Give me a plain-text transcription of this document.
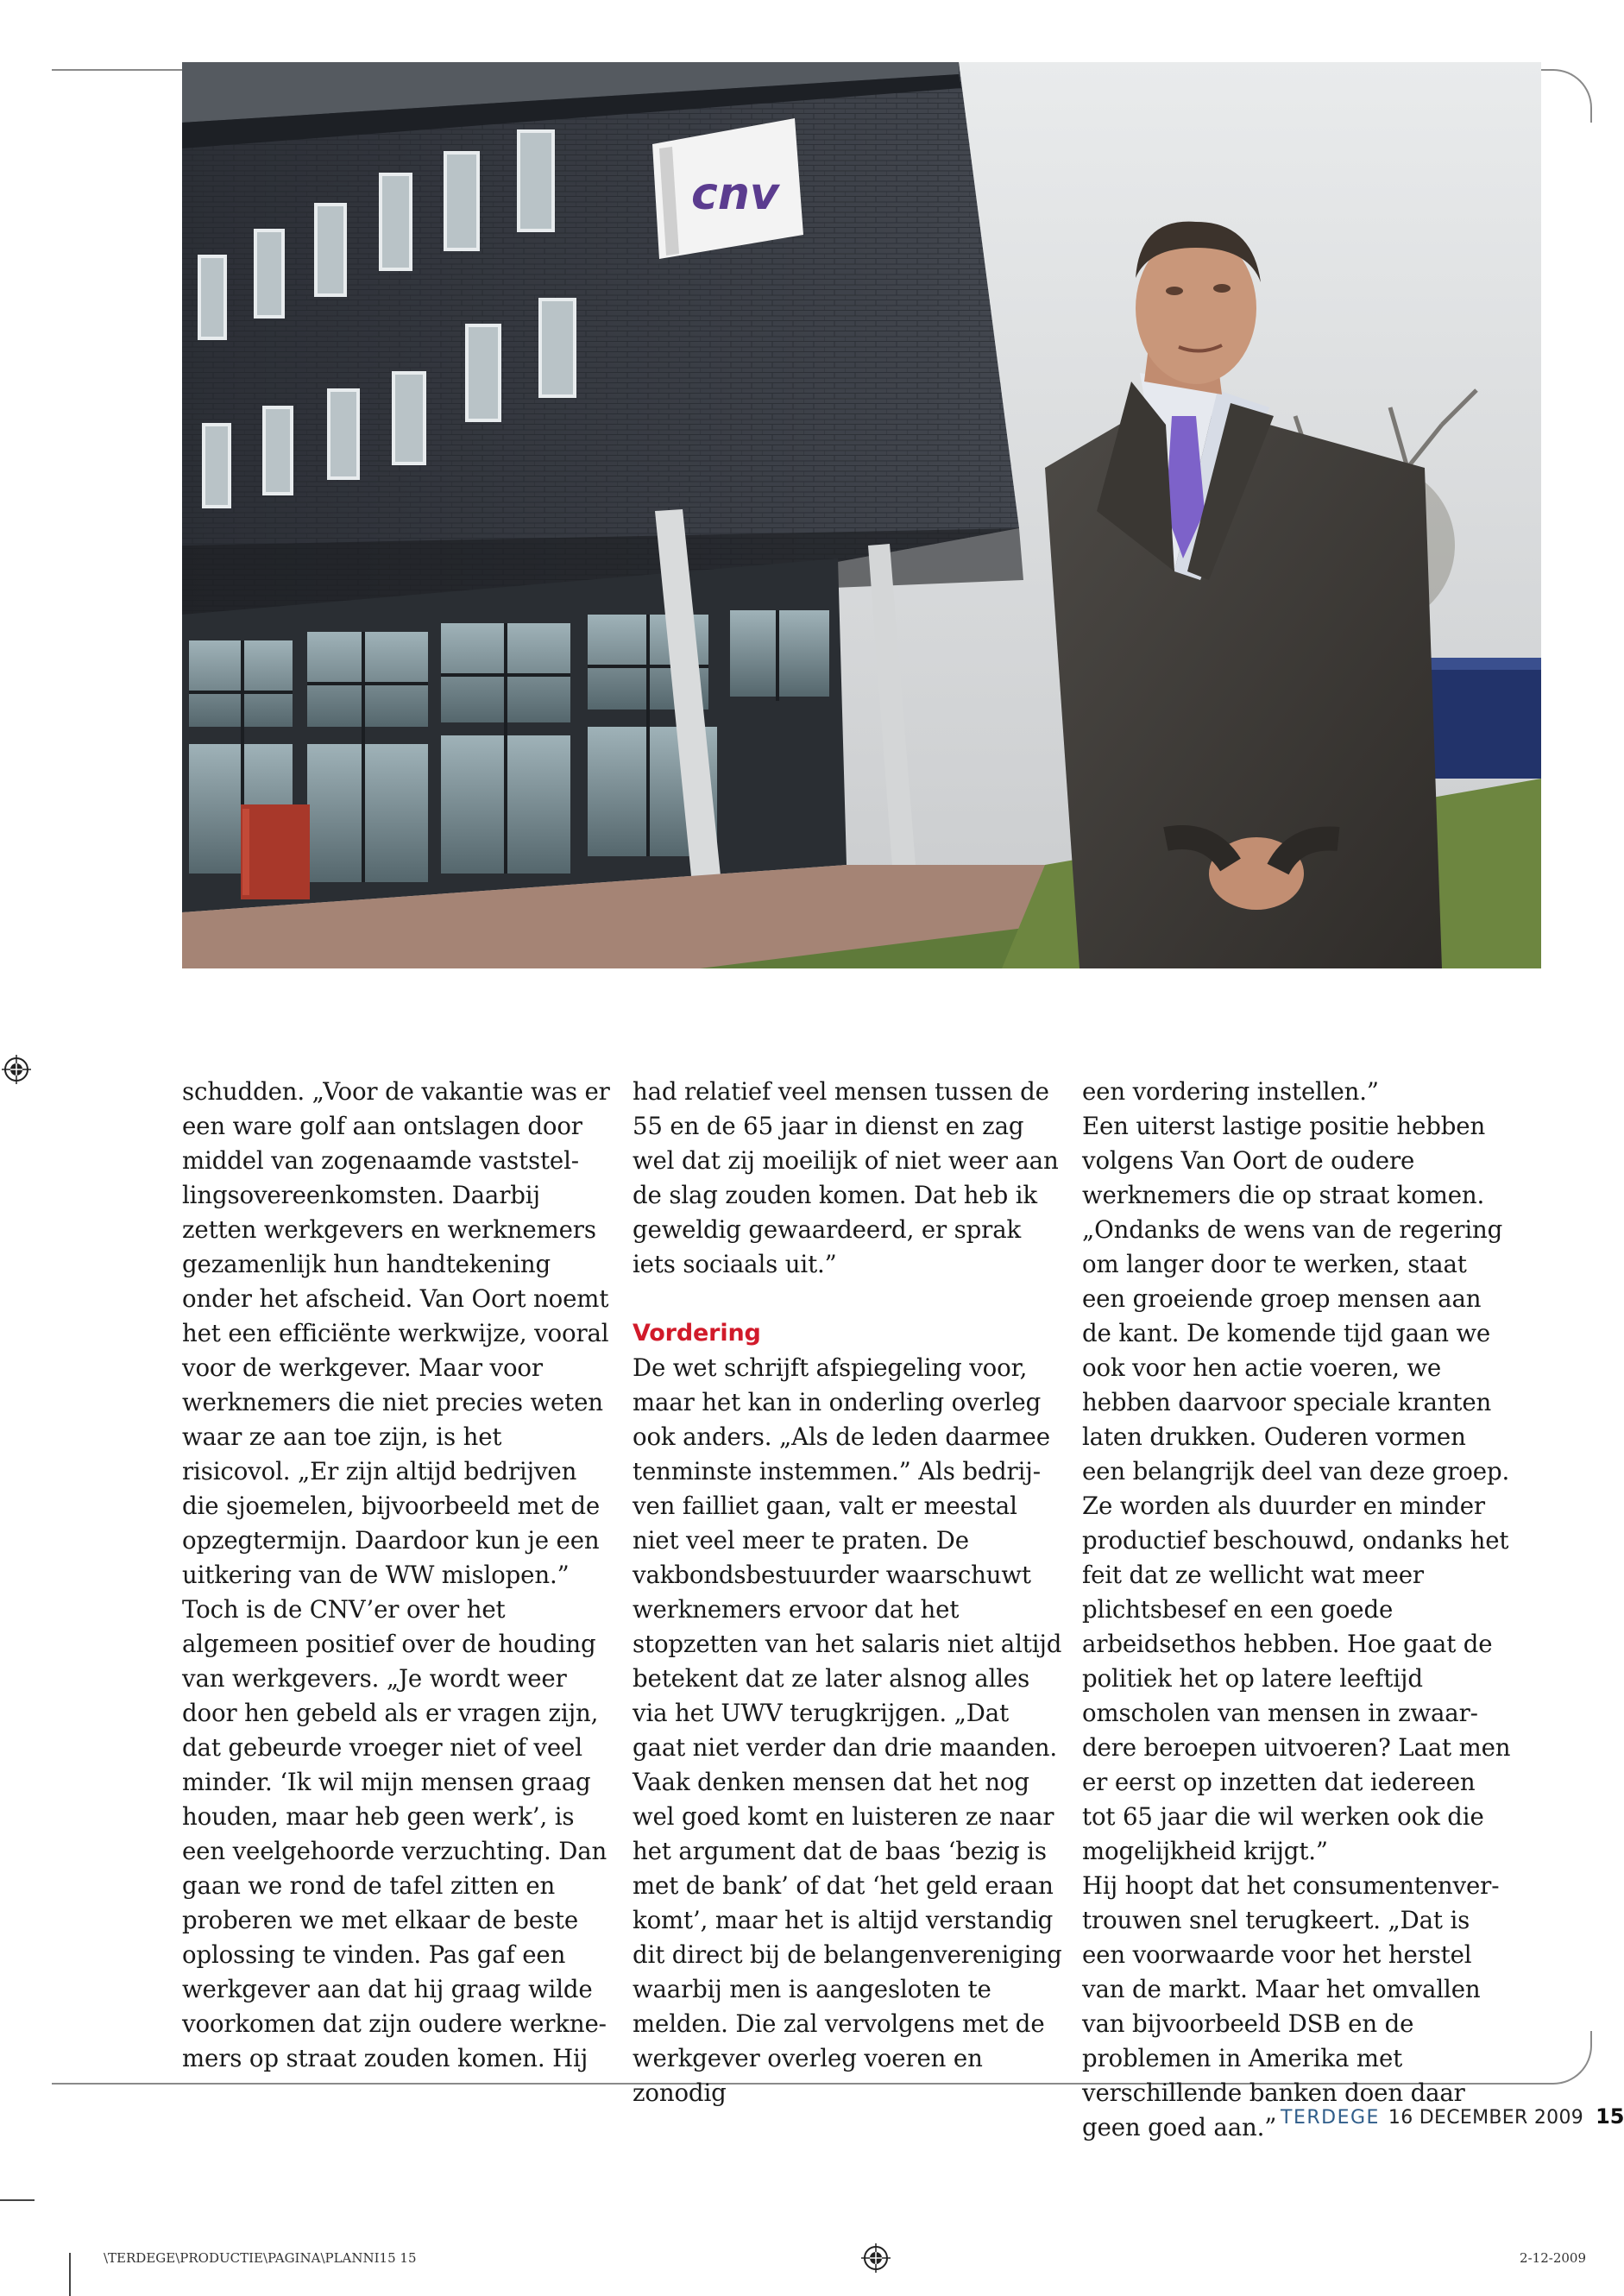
cnv

schudden. „Voor de vakantie was er een ware golf aan ontslagen door middel van zogenaamde vaststellingsovereenkomsten. Daarbij zetten werkgevers en werknemers gezamenlijk hun handtekening onder het afscheid. Van Oort noemt het een efficiënte werkwijze, vooral voor de werkgever. Maar voor werknemers die niet precies weten waar ze aan toe zijn, is het risicovol. „Er zijn altijd bedrijven die sjoemelen, bijvoorbeeld met de opzegtermijn. Daardoor kun je een uitkering van de WW mislopen.”

Toch is de CNV’er over het algemeen positief over de houding van werkgevers. „Je wordt weer door hen gebeld als er vragen zijn, dat gebeurde vroeger niet of veel minder. ‘Ik wil mijn mensen graag houden, maar heb geen werk’, is een veelgehoorde verzuchting. Dan gaan we rond de tafel zitten en proberen we met elkaar de beste oplossing te vinden. Pas gaf een werkgever aan dat hij graag wilde voorkomen dat zijn oudere werknemers op straat zouden komen. Hij

had relatief veel mensen tussen de 55 en de 65 jaar in dienst en zag wel dat zij moeilijk of niet weer aan de slag zouden komen. Dat heb ik geweldig gewaardeerd, er sprak iets sociaals uit.”

Vordering

De wet schrijft afspiegeling voor, maar het kan in onderling overleg ook anders. „Als de leden daarmee tenminste instemmen.” Als bedrijven failliet gaan, valt er meestal niet veel meer te praten. De vakbondsbestuurder waarschuwt werknemers ervoor dat het stopzetten van het salaris niet altijd betekent dat ze later alsnog alles via het UWV terugkrijgen. „Dat gaat niet verder dan drie maanden. Vaak denken mensen dat het nog wel goed komt en luisteren ze naar het argument dat de baas ‘bezig is met de bank’ of dat ‘het geld eraan komt’, maar het is altijd verstandig dit direct bij de belangenvereniging waarbij men is aangesloten te melden. Die zal vervolgens met de werkgever overleg voeren en zonodig

een vordering instellen.”

Een uiterst lastige positie hebben volgens Van Oort de oudere werknemers die op straat komen. „Ondanks de wens van de regering om langer door te werken, staat een groeiende groep mensen aan de kant. De komende tijd gaan we ook voor hen actie voeren, we hebben daarvoor speciale kranten laten drukken. Ouderen vormen een belangrijk deel van deze groep. Ze worden als duurder en minder productief beschouwd, ondanks het feit dat ze wellicht wat meer plichtsbesef en een goede arbeidsethos hebben. Hoe gaat de politiek het op latere leeftijd omscholen van mensen in zwaardere beroepen uitvoeren? Laat men er eerst op inzetten dat iedereen tot 65 jaar die wil werken ook die mogelijkheid krijgt.”

Hij hoopt dat het consumentenvertrouwen snel terugkeert. „Dat is een voorwaarde voor het herstel van de markt. Maar het omvallen van bijvoorbeeld DSB en de problemen in Amerika met verschillende banken doen daar geen goed aan.” TERDEGE 16 DECEMBER 2009 15
\TERDEGE\PRODUCTIE\PAGINA\PLANNI15 15	2-12-2009
